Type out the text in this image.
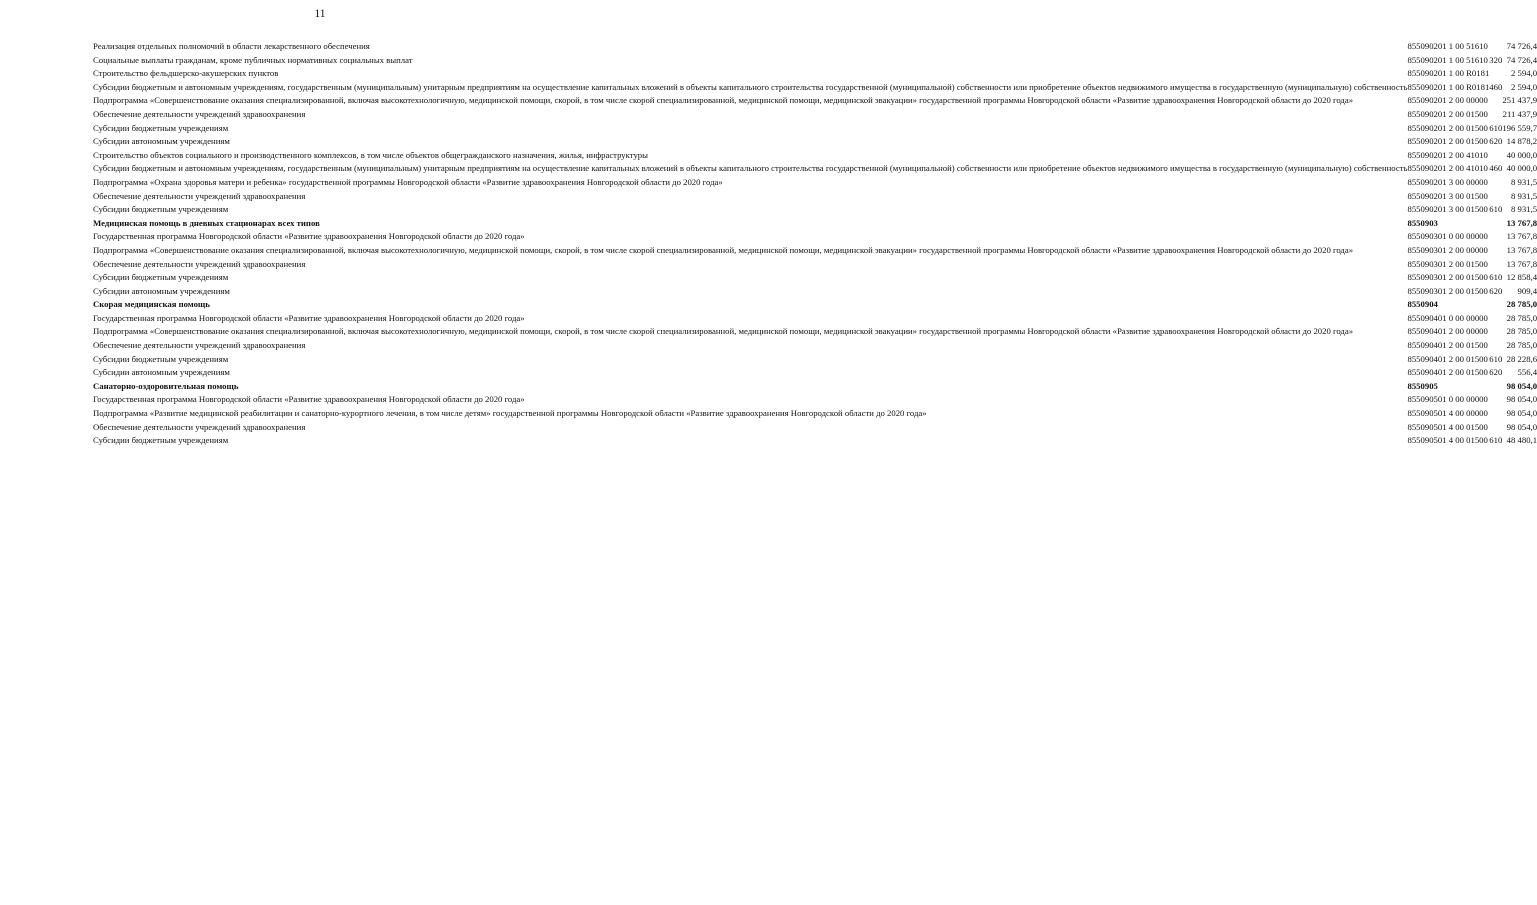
11
Реализация отдельных полномочий в области лекарственного обеспечения	855	09	02	01 1 00 51610		74 726,4
Социальные выплаты гражданам, кроме публичных нормативных социальных выплат	855	09	02	01 1 00 51610	320	74 726,4
Строительство фельдшерско-акушерских пунктов	855	09	02	01 1 00 R0181		2 594,0
Субсидии бюджетным и автономным учреждениям, государственным (муниципальным) унитарным предприятиям на осуществление капитальных вложений в объекты капитального строительства государственной (муниципальной) собственности или приобретение объектов недвижимого имущества в государственную (муниципальную) собственность	855	09	02	01 1 00 R0181	460	2 594,0
Подпрограмма «Совершенствование оказания специализированной, включая высокотехнологичную, медицинской помощи, скорой, в том числе скорой специализированной, медицинской помощи, медицинской эвакуации» государственной программы Новгородской области «Развитие здравоохранения Новгородской области до 2020 года»	855	09	02	01 2 00 00000		251 437,9
Обеспечение деятельности учреждений здравоохранения	855	09	02	01 2 00 01500		211 437,9
Субсидии бюджетным учреждениям	855	09	02	01 2 00 01500	610	196 559,7
Субсидии автономным учреждениям	855	09	02	01 2 00 01500	620	14 878,2
Строительство объектов социального и производственного комплексов, в том числе объектов общегражданского назначения, жилья, инфраструктуры	855	09	02	01 2 00 41010		40 000,0
Субсидии бюджетным и автономным учреждениям, государственным (муниципальным) унитарным предприятиям на осуществление капитальных вложений в объекты капитального строительства государственной (муниципальной) собственности или приобретение объектов недвижимого имущества в государственную (муниципальную) собственность	855	09	02	01 2 00 41010	460	40 000,0
Подпрограмма «Охрана здоровья матери и ребенка» государственной программы Новгородской области «Развитие здравоохранения Новгородской области до 2020 года»	855	09	02	01 3 00 00000		8 931,5
Обеспечение деятельности учреждений здравоохранения	855	09	02	01 3 00 01500		8 931,5
Субсидии бюджетным учреждениям	855	09	02	01 3 00 01500	610	8 931,5
Медицинская помощь в дневных стационарах всех типов	855	09	03			13 767,8
Государственная программа Новгородской области «Развитие здравоохранения Новгородской области до 2020 года»	855	09	03	01 0 00 00000		13 767,8
Подпрограмма «Совершенствование оказания специализированной, включая высокотехнологичную, медицинской помощи, скорой, в том числе скорой специализированной, медицинской помощи, медицинской эвакуации» государственной программы Новгородской области «Развитие здравоохранения Новгородской области до 2020 года»	855	09	03	01 2 00 00000		13 767,8
Обеспечение деятельности учреждений здравоохранения	855	09	03	01 2 00 01500		13 767,8
Субсидии бюджетным учреждениям	855	09	03	01 2 00 01500	610	12 858,4
Субсидии автономным учреждениям	855	09	03	01 2 00 01500	620	909,4
Скорая медицинская помощь	855	09	04			28 785,0
Государственная программа Новгородской области «Развитие здравоохранения Новгородской области до 2020 года»	855	09	04	01 0 00 00000		28 785,0
Подпрограмма «Совершенствование оказания специализированной, включая высокотехнологичную, медицинской помощи, скорой, в том числе скорой специализированной, медицинской помощи, медицинской эвакуации» государственной программы Новгородской области «Развитие здравоохранения Новгородской области до 2020 года»	855	09	04	01 2 00 00000		28 785,0
Обеспечение деятельности учреждений здравоохранения	855	09	04	01 2 00 01500		28 785,0
Субсидии бюджетным учреждениям	855	09	04	01 2 00 01500	610	28 228,6
Субсидии автономным учреждениям	855	09	04	01 2 00 01500	620	556,4
Санаторно-оздоровительная помощь	855	09	05			98 054,0
Государственная программа Новгородской области «Развитие здравоохранения Новгородской области до 2020 года»	855	09	05	01 0 00 00000		98 054,0
Подпрограмма «Развитие медицинской реабилитации и санаторно-курортного лечения, в том числе детям» государственной программы Новгородской области «Развитие здравоохранения Новгородской области до 2020 года»	855	09	05	01 4 00 00000		98 054,0
Обеспечение деятельности учреждений здравоохранения	855	09	05	01 4 00 01500		98 054,0
Субсидии бюджетным учреждениям	855	09	05	01 4 00 01500	610	48 480,1
